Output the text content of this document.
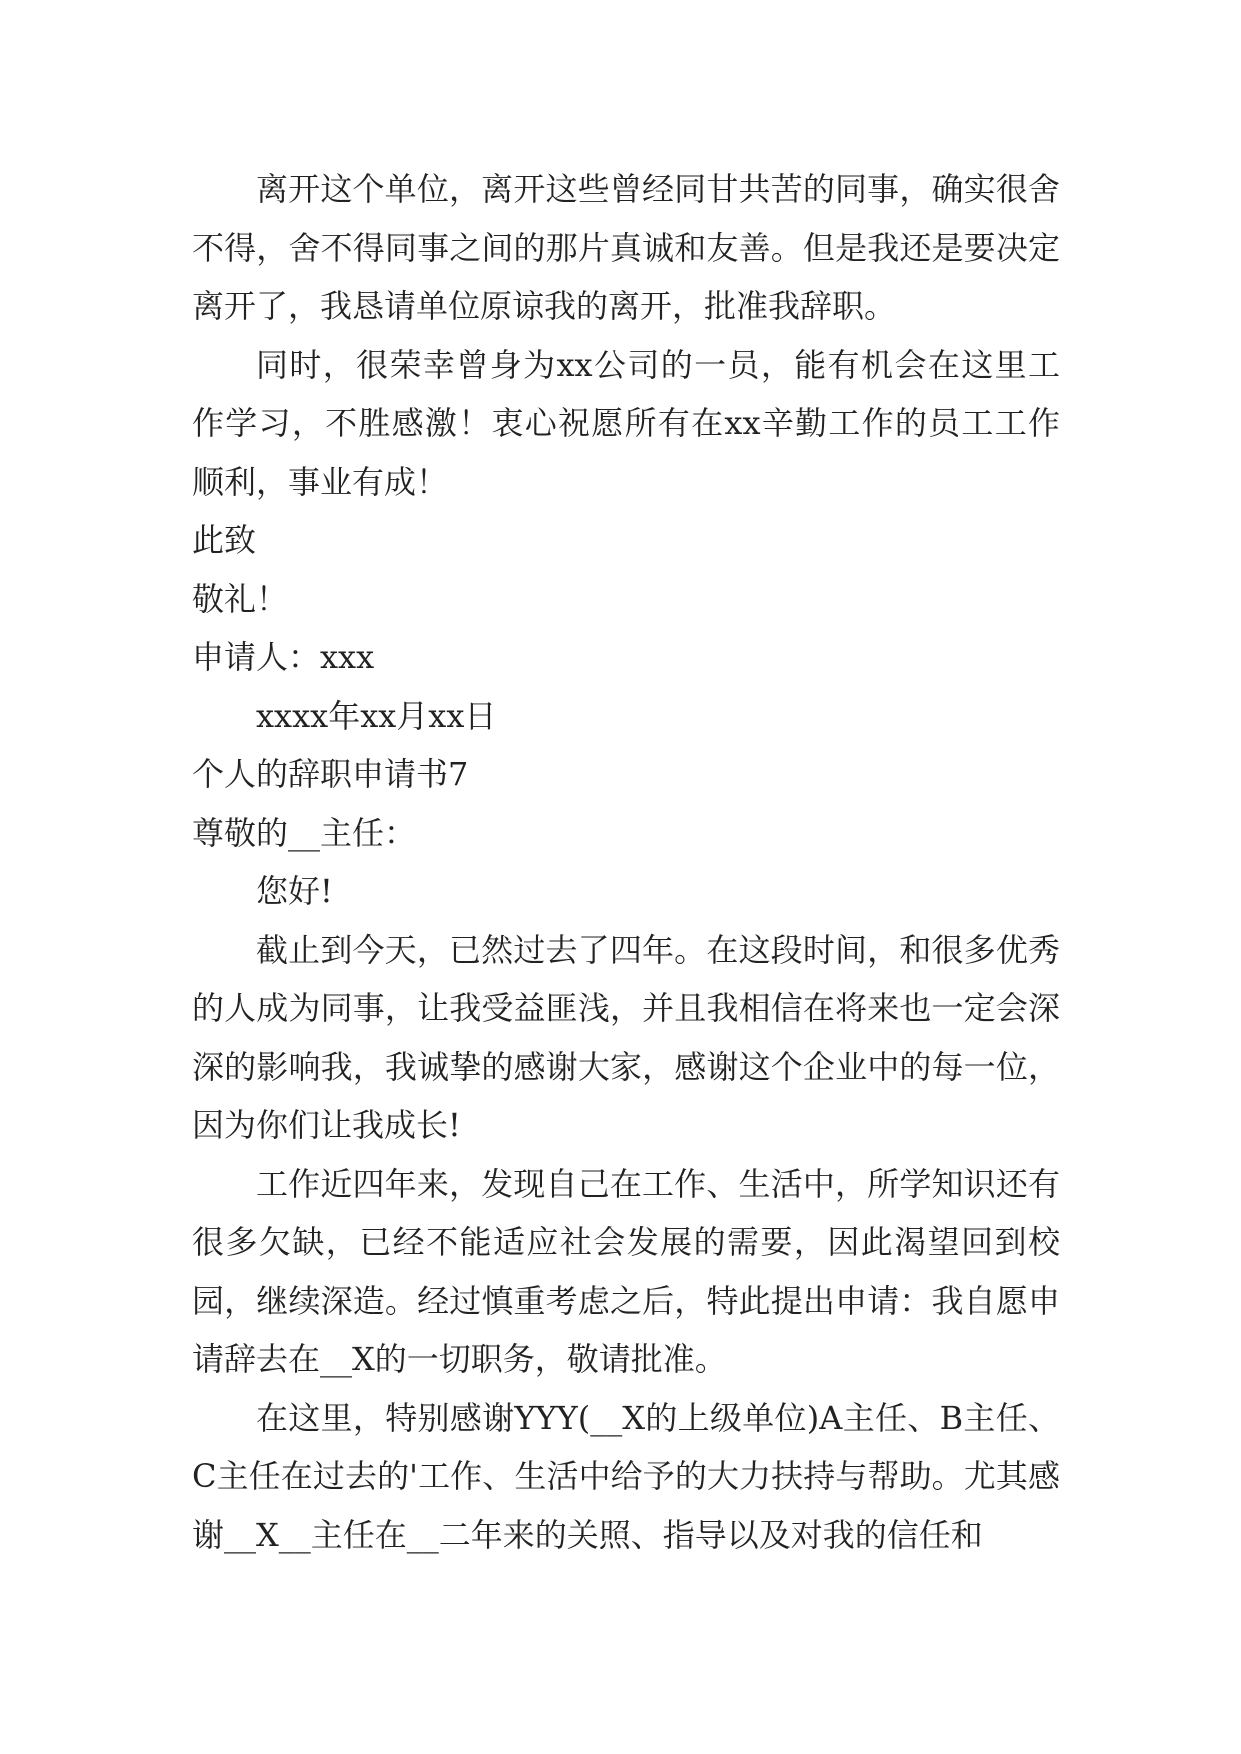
离开这个单位，离开这些曾经同甘共苦的同事，确实很舍不得，舍不得同事之间的那片真诚和友善。但是我还是要决定离开了，我恳请单位原谅我的离开，批准我辞职。

同时，很荣幸曾身为xx公司的一员，能有机会在这里工作学习，不胜感激！衷心祝愿所有在xx辛勤工作的员工工作顺利，事业有成！

此致

敬礼！

申请人：xxx

xxxx年xx月xx日

个人的辞职申请书7

尊敬的__主任：

您好!

截止到今天，已然过去了四年。在这段时间，和很多优秀的人成为同事，让我受益匪浅，并且我相信在将来也一定会深深的影响我，我诚挚的感谢大家，感谢这个企业中的每一位，因为你们让我成长!

工作近四年来，发现自己在工作、生活中，所学知识还有很多欠缺，已经不能适应社会发展的需要，因此渴望回到校园，继续深造。经过慎重考虑之后，特此提出申请：我自愿申请辞去在__X的一切职务，敬请批准。

在这里，特别感谢YYY(__X的上级单位)A主任、B主任、C主任在过去的'工作、生活中给予的大力扶持与帮助。尤其感谢__X__主任在__二年来的关照、指导以及对我的信任和
